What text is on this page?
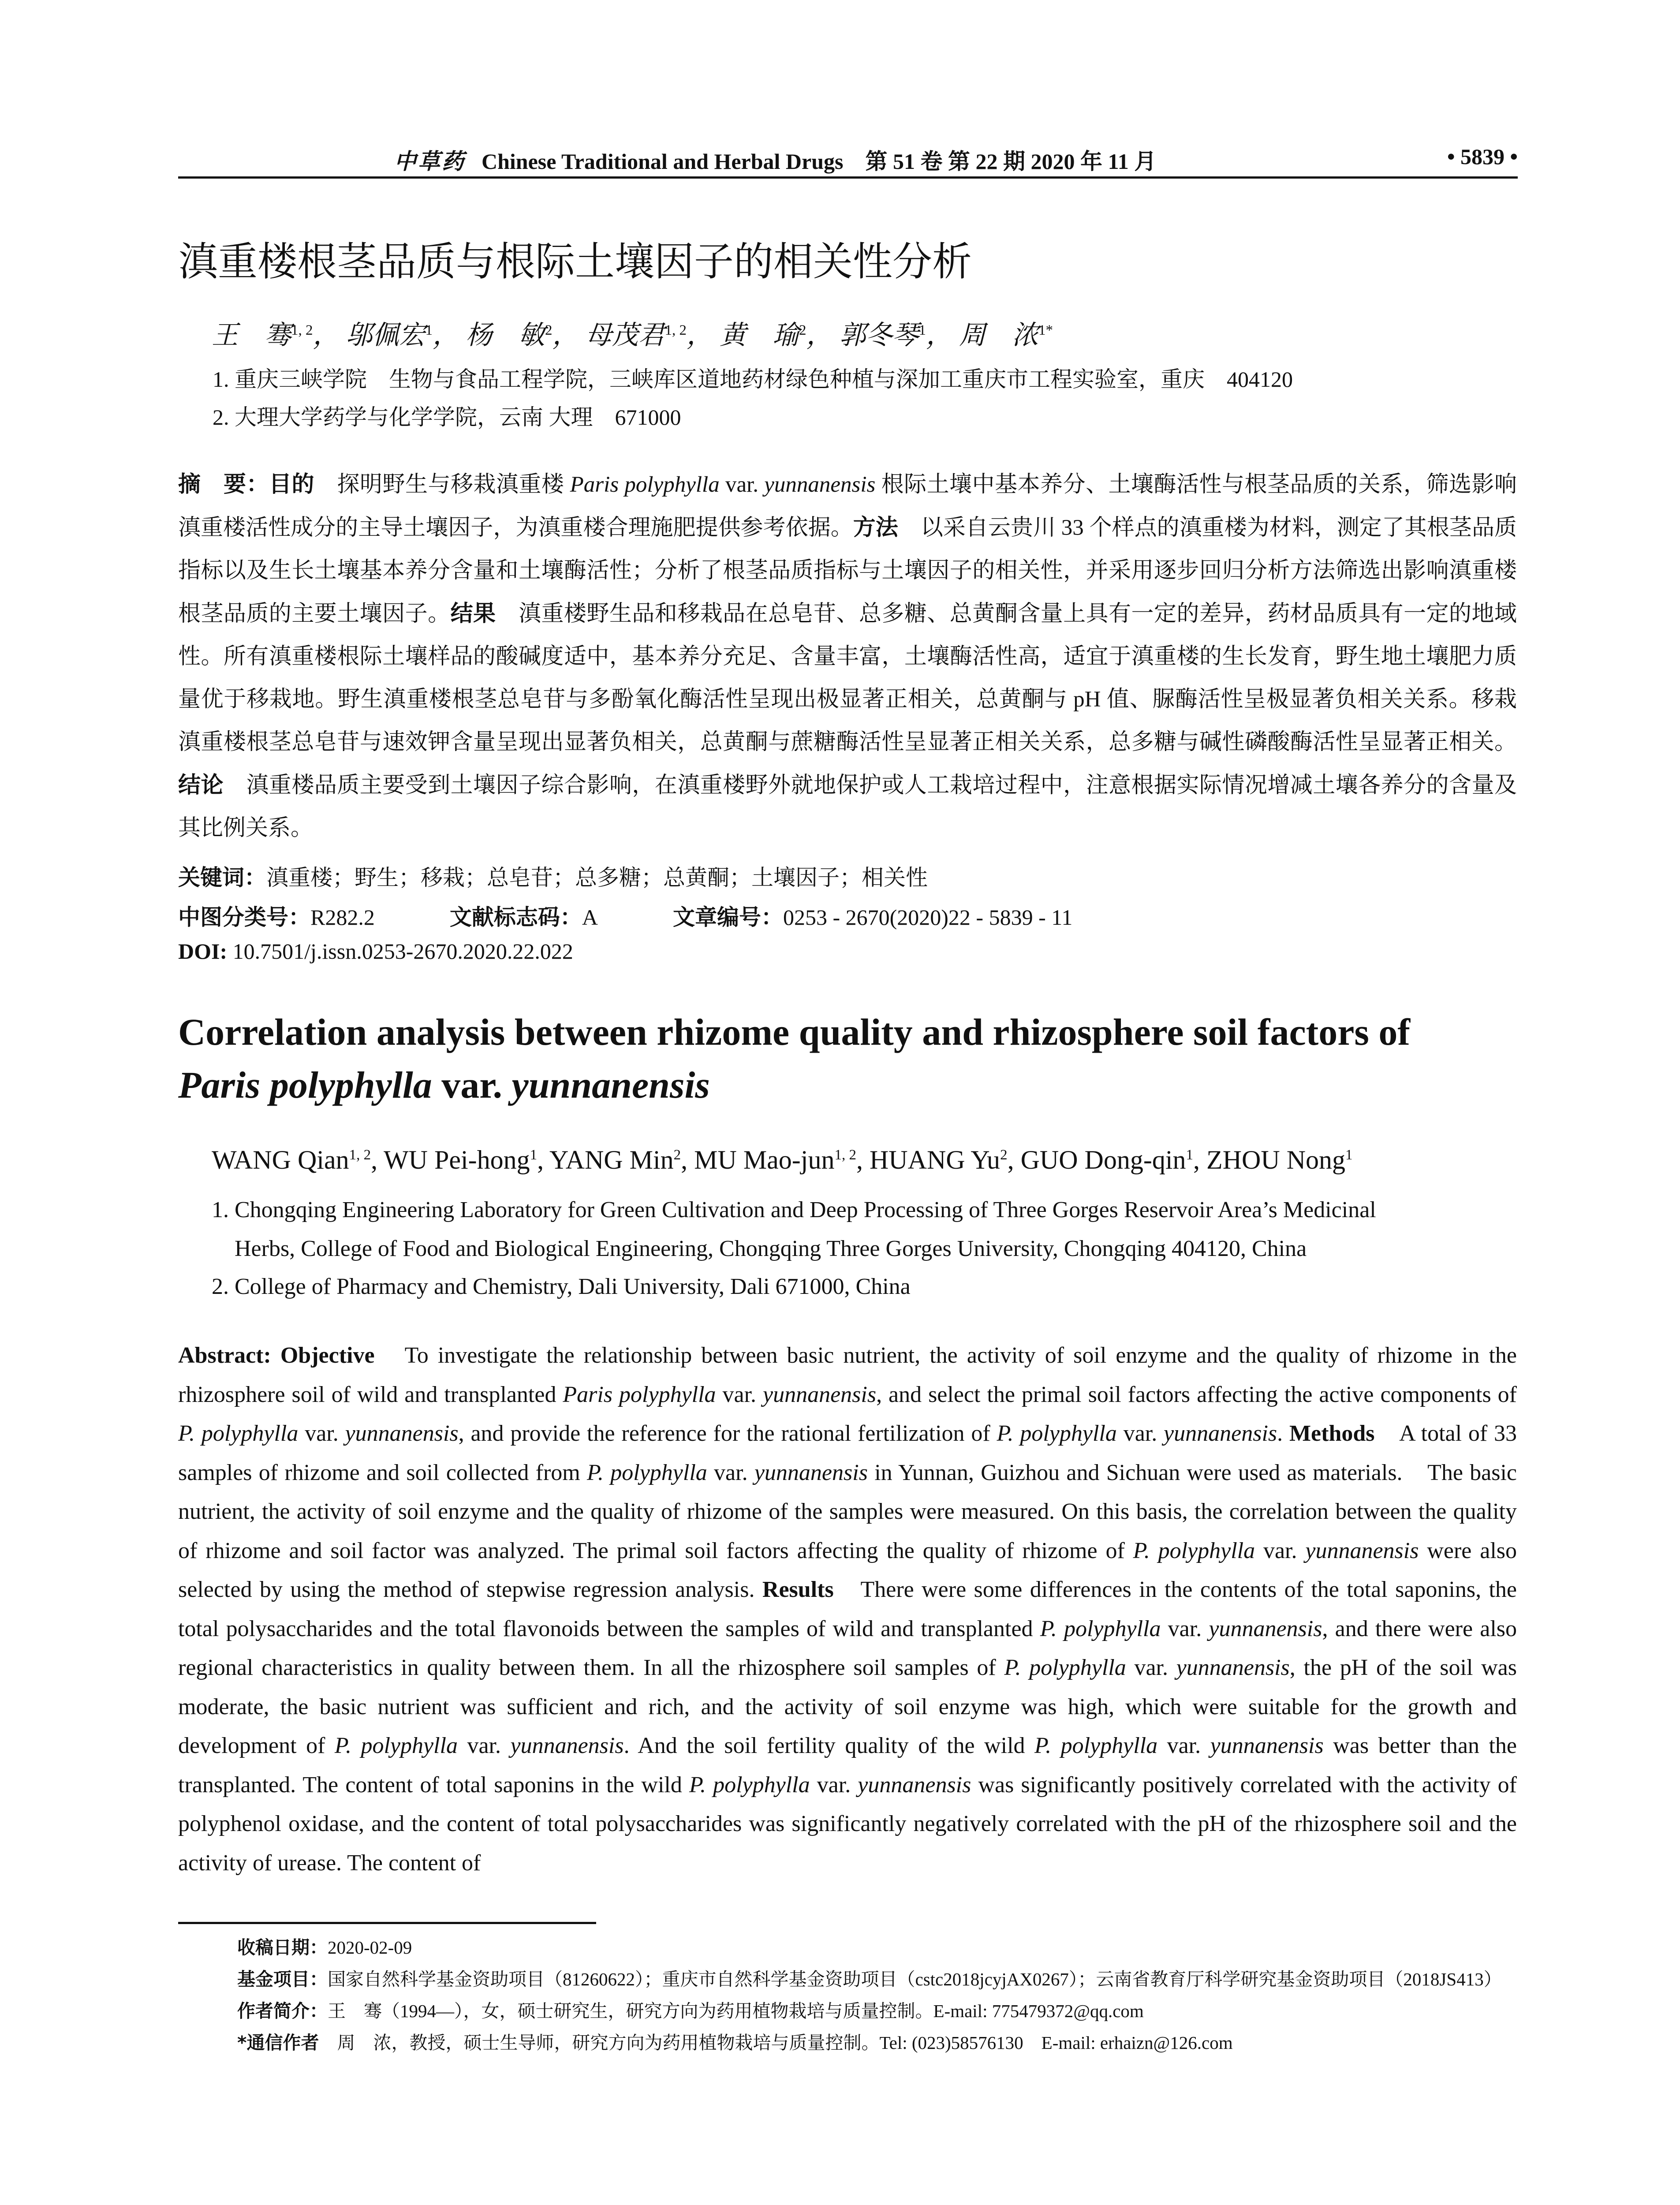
中草药 Chinese Traditional and Herbal Drugs　第 51 卷 第 22 期 2020 年 11 月	• 5839 •
滇重楼根茎品质与根际土壤因子的相关性分析
王　骞$^{1, 2}$， 邬佩宏$^1$， 杨　敏$^2$， 母茂君$^{1, 2}$， 黄　瑜$^2$， 郭冬琴$^1$， 周　浓$^{1*}$
1. 重庆三峡学院　生物与食品工程学院，三峡库区道地药材绿色种植与深加工重庆市工程实验室，重庆　404120
2. 大理大学药学与化学学院，云南 大理　671000
摘　要：目的　探明野生与移栽滇重楼 Paris polyphylla var. yunnanensis 根际土壤中基本养分、土壤酶活性与根茎品质的关系，筛选影响滇重楼活性成分的主导土壤因子，为滇重楼合理施肥提供参考依据。方法　以采自云贵川 33 个样点的滇重楼为材料，测定了其根茎品质指标以及生长土壤基本养分含量和土壤酶活性；分析了根茎品质指标与土壤因子的相关性，并采用逐步回归分析方法筛选出影响滇重楼根茎品质的主要土壤因子。结果　滇重楼野生品和移栽品在总皂苷、总多糖、总黄酮含量上具有一定的差异，药材品质具有一定的地域性。所有滇重楼根际土壤样品的酸碱度适中，基本养分充足、含量丰富，土壤酶活性高，适宜于滇重楼的生长发育，野生地土壤肥力质量优于移栽地。野生滇重楼根茎总皂苷与多酚氧化酶活性呈现出极显著正相关，总黄酮与 pH 值、脲酶活性呈极显著负相关关系。移栽滇重楼根茎总皂苷与速效钾含量呈现出显著负相关，总黄酮与蔗糖酶活性呈显著正相关关系，总多糖与碱性磷酸酶活性呈显著正相关。结论　滇重楼品质主要受到土壤因子综合影响，在滇重楼野外就地保护或人工栽培过程中，注意根据实际情况增减土壤各养分的含量及其比例关系。
关键词：滇重楼；野生；移栽；总皂苷；总多糖；总黄酮；土壤因子；相关性
中图分类号：R282.2	文献标志码：A	文章编号：0253 - 2670(2020)22 - 5839 - 11
DOI: 10.7501/j.issn.0253-2670.2020.22.022
Correlation analysis between rhizome quality and rhizosphere soil factors of
Paris polyphylla var. yunnanensis
WANG Qian$^{1, 2}$, WU Pei-hong$^1$, YANG Min$^2$, MU Mao-jun$^{1, 2}$, HUANG Yu$^2$, GUO Dong-qin$^1$, ZHOU Nong$^1$
1. Chongqing Engineering Laboratory for Green Cultivation and Deep Processing of Three Gorges Reservoir Area’s Medicinal
Herbs, College of Food and Biological Engineering, Chongqing Three Gorges University, Chongqing 404120, China
2. College of Pharmacy and Chemistry, Dali University, Dali 671000, China
Abstract: Objective　To investigate the relationship between basic nutrient, the activity of soil enzyme and the quality of rhizome in the rhizosphere soil of wild and transplanted Paris polyphylla var. yunnanensis, and select the primal soil factors affecting the active components of P. polyphylla var. yunnanensis, and provide the reference for the rational fertilization of P. polyphylla var. yunnanensis. Methods　A total of 33 samples of rhizome and soil collected from P. polyphylla var. yunnanensis in Yunnan, Guizhou and Sichuan were used as materials.　The basic nutrient, the activity of soil enzyme and the quality of rhizome of the samples were measured. On this basis, the correlation between the quality of rhizome and soil factor was analyzed. The primal soil factors affecting the quality of rhizome of P. polyphylla var. yunnanensis were also selected by using the method of stepwise regression analysis. Results　There were some differences in the contents of the total saponins, the total polysaccharides and the total flavonoids between the samples of wild and transplanted P. polyphylla var. yunnanensis, and there were also regional characteristics in quality between them. In all the rhizosphere soil samples of P. polyphylla var. yunnanensis, the pH of the soil was moderate, the basic nutrient was sufficient and rich, and the activity of soil enzyme was high, which were suitable for the growth and development of P. polyphylla var. yunnanensis. And the soil fertility quality of the wild P. polyphylla var. yunnanensis was better than the transplanted. The content of total saponins in the wild P. polyphylla var. yunnanensis was significantly positively correlated with the activity of polyphenol oxidase, and the content of total polysaccharides was significantly negatively correlated with the pH of the rhizosphere soil and the activity of urease. The content of
收稿日期： 2020-02-09
基金项目： 国家自然科学基金资助项目（81260622）；重庆市自然科学基金资助项目（cstc2018jcyjAX0267）；云南省教育厅科学研究基金资助项目（2018JS413）
作者简介： 王　骞（1994—），女，硕士研究生，研究方向为药用植物栽培与质量控制。E-mail: 775479372@qq.com
*通信作者 　周　浓，教授，硕士生导师，研究方向为药用植物栽培与质量控制。Tel: (023)58576130　E-mail: erhaizn@126.com
